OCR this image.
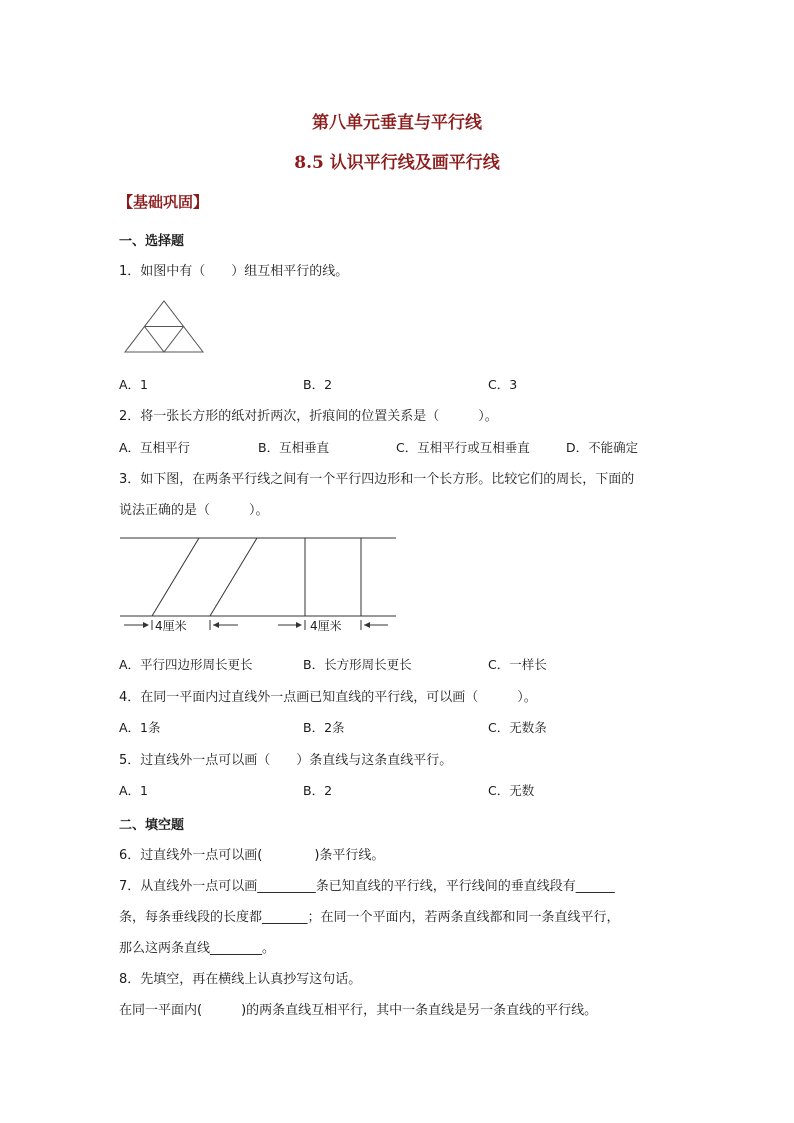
第八单元垂直与平行线
8.5 认识平行线及画平行线
【基础巩固】
一、选择题
1．如图中有（　　）组互相平行的线。
A．1	B．2	C．3
2．将一张长方形的纸对折两次，折痕间的位置关系是（　　　）。
A．互相平行	B．互相垂直	C．互相平行或互相垂直	D．不能确定
3．如下图，在两条平行线之间有一个平行四边形和一个长方形。比较它们的周长，下面的
说法正确的是（　　　）。
4厘米	4厘米
A．平行四边形周长更长	B．长方形周长更长	C．一样长
4．在同一平面内过直线外一点画已知直线的平行线，可以画（　　　）。
A．1条	B．2条	C．无数条
5．过直线外一点可以画（　　）条直线与这条直线平行。
A．1	B．2	C．无数
二、填空题
6．过直线外一点可以画(　　　　)条平行线。
7．从直线外一点可以画_________条已知直线的平行线，平行线间的垂直线段有______
条，每条垂线段的长度都_______；在同一个平面内，若两条直线都和同一条直线平行，
那么这两条直线________。
8．先填空，再在横线上认真抄写这句话。
在同一平面内(　　　)的两条直线互相平行，其中一条直线是另一条直线的平行线。
